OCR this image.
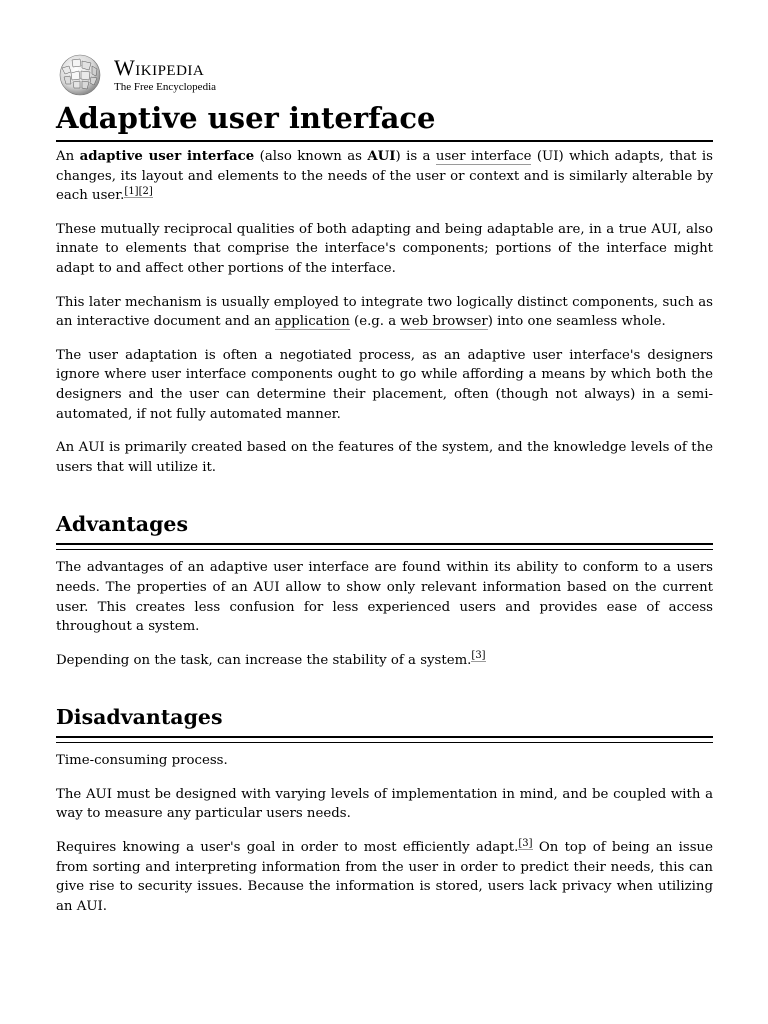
Wikipedia
The Free Encyclopedia
Adaptive user interface

An adaptive user interface (also known as AUI) is a user interface (UI) which adapts, that is changes, its layout and elements to the needs of the user or context and is similarly alterable by each user.[1][2]

These mutually reciprocal qualities of both adapting and being adaptable are, in a true AUI, also innate to elements that comprise the interface's components; portions of the interface might adapt to and affect other portions of the interface.

This later mechanism is usually employed to integrate two logically distinct components, such as an interactive document and an application (e.g. a web browser) into one seamless whole.

The user adaptation is often a negotiated process, as an adaptive user interface's designers ignore where user interface components ought to go while affording a means by which both the designers and the user can determine their placement, often (though not always) in a semi-automated, if not fully automated manner.

An AUI is primarily created based on the features of the system, and the knowledge levels of the users that will utilize it.

Advantages

The advantages of an adaptive user interface are found within its ability to conform to a users needs. The properties of an AUI allow to show only relevant information based on the current user. This creates less confusion for less experienced users and provides ease of access throughout a system.

Depending on the task, can increase the stability of a system.[3]

Disadvantages

Time-consuming process.

The AUI must be designed with varying levels of implementation in mind, and be coupled with a way to measure any particular users needs.

Requires knowing a user's goal in order to most efficiently adapt.[3] On top of being an issue from sorting and interpreting information from the user in order to predict their needs, this can give rise to security issues. Because the information is stored, users lack privacy when utilizing an AUI.
